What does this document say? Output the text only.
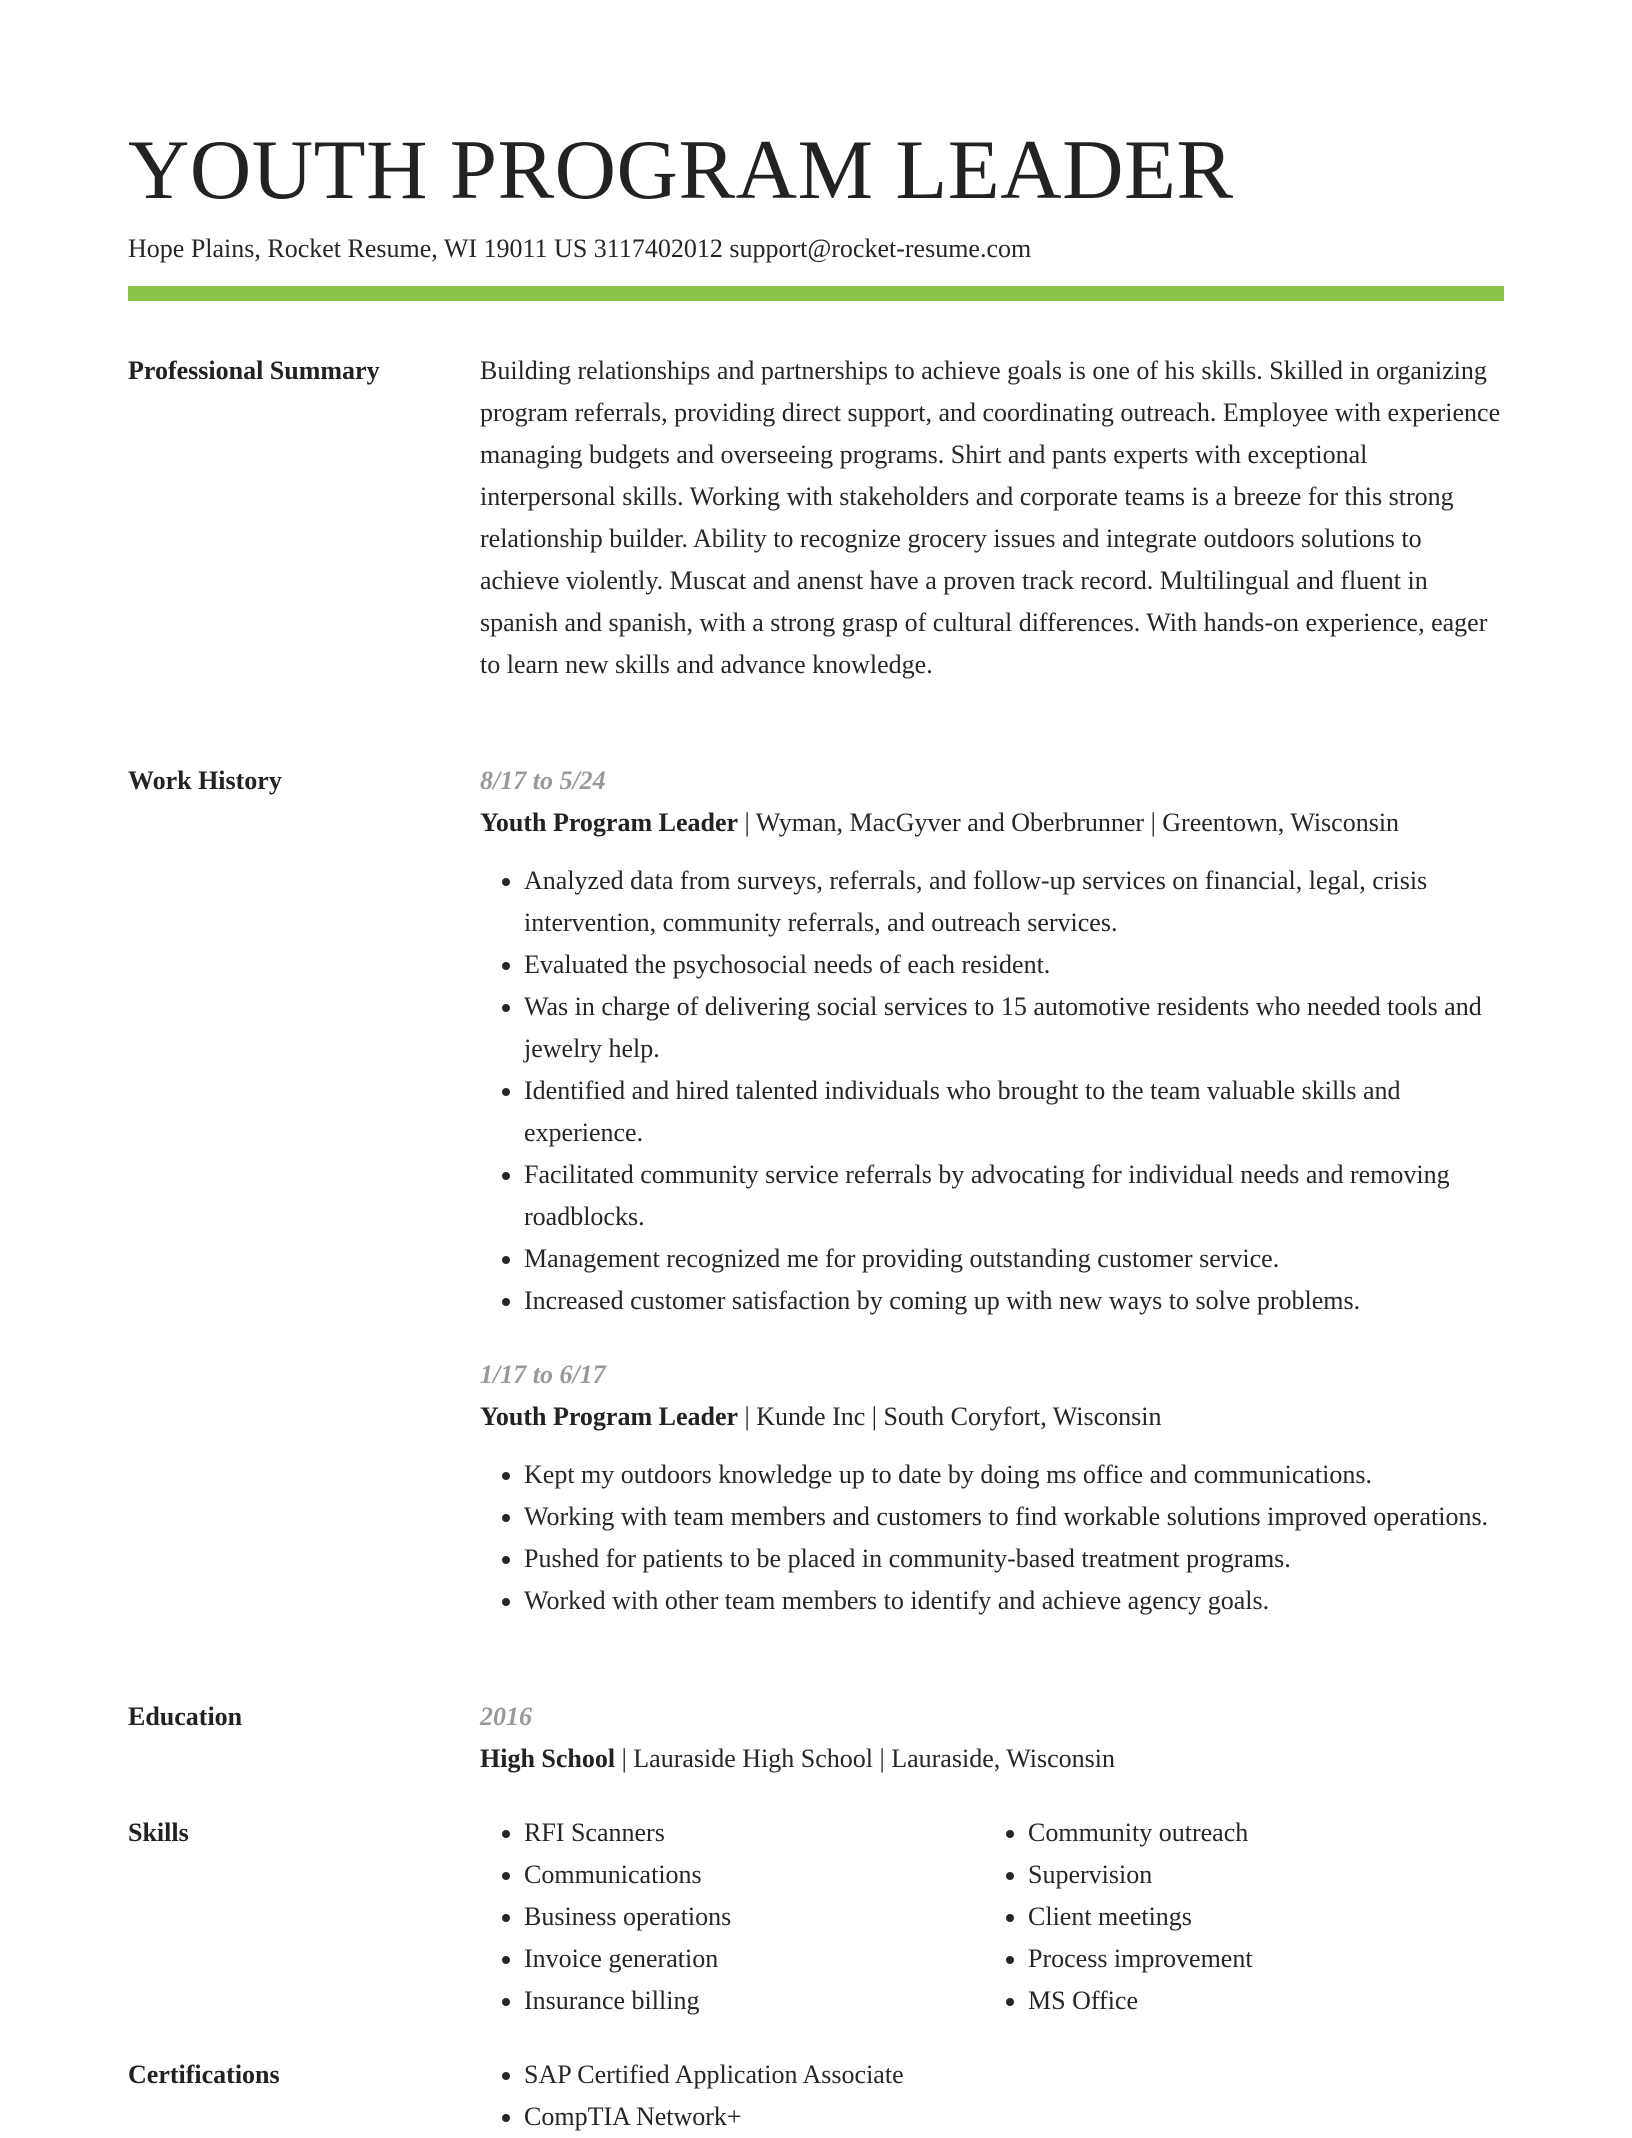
YOUTH PROGRAM LEADER
Hope Plains, Rocket Resume, WI 19011 US 3117402012 support@rocket-resume.com
Professional Summary	Building relationships and partnerships to achieve goals is one of his skills. Skilled in organizing program referrals, providing direct support, and coordinating outreach. Employee with experience managing budgets and overseeing programs. Shirt and pants experts with exceptional interpersonal skills. Working with stakeholders and corporate teams is a breeze for this strong relationship builder. Ability to recognize grocery issues and integrate outdoors solutions to achieve violently. Muscat and anenst have a proven track record. Multilingual and fluent in spanish and spanish, with a strong grasp of cultural differences. With hands-on experience, eager to learn new skills and advance knowledge.

Work History	8/17 to 5/24
Youth Program Leader | Wyman, MacGyver and Oberbrunner | Greentown, Wisconsin
• Analyzed data from surveys, referrals, and follow-up services on financial, legal, crisis intervention, community referrals, and outreach services.
• Evaluated the psychosocial needs of each resident.
• Was in charge of delivering social services to 15 automotive residents who needed tools and jewelry help.
• Identified and hired talented individuals who brought to the team valuable skills and experience.
• Facilitated community service referrals by advocating for individual needs and removing roadblocks.
• Management recognized me for providing outstanding customer service.
• Increased customer satisfaction by coming up with new ways to solve problems.
1/17 to 6/17
Youth Program Leader | Kunde Inc | South Coryfort, Wisconsin
• Kept my outdoors knowledge up to date by doing ms office and communications.
• Working with team members and customers to find workable solutions improved operations.
• Pushed for patients to be placed in community-based treatment programs.
• Worked with other team members to identify and achieve agency goals.
Education	2016
High School | Lauraside High School | Lauraside, Wisconsin
Skills	• RFI Scanners
• Communications
• Business operations
• Invoice generation
• Insurance billing
• Community outreach
• Supervision
• Client meetings
• Process improvement
• MS Office
Certifications	• SAP Certified Application Associate
• CompTIA Network+
